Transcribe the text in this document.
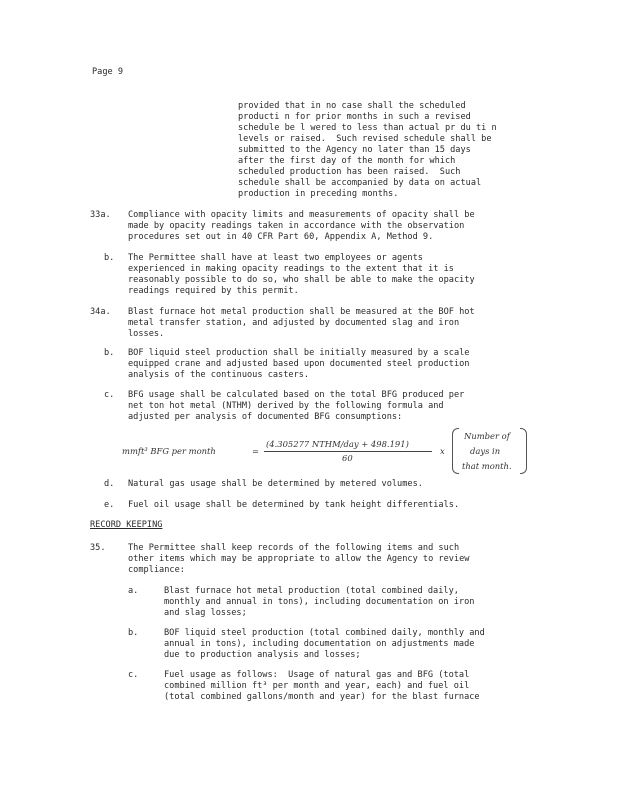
Page 9
provided that in no case shall the scheduled
producti n for prior months in such a revised
schedule be l wered to less than actual pr du ti n
levels or raised.  Such revised schedule shall be
submitted to the Agency no later than 15 days
after the first day of the month for which
scheduled production has been raised.  Such
schedule shall be accompanied by data on actual
production in preceding months.
33a. Compliance with opacity limits and measurements of opacity shall be
made by opacity readings taken in accordance with the observation
procedures set out in 40 CFR Part 60, Appendix A, Method 9.
b. The Permittee shall have at least two employees or agents
experienced in making opacity readings to the extent that it is
reasonably possible to do so, who shall be able to make the opacity
readings required by this permit.
34a. Blast furnace hot metal production shall be measured at the BOF hot
metal transfer station, and adjusted by documented slag and iron
losses.
b. BOF liquid steel production shall be initially measured by a scale
equipped crane and adjusted based upon documented steel production
analysis of the continuous casters.
c. BFG usage shall be calculated based on the total BFG produced per
net ton hot metal (NTHM) derived by the following formula and
adjusted per analysis of documented BFG consumptions:
mmft³ BFG per month	=
(4.305277 NTHM/day + 498.191)
60
x
Number of
days in
that month.
d. Natural gas usage shall be determined by metered volumes.
e. Fuel oil usage shall be determined by tank height differentials.
RECORD KEEPING
35.	The Permittee shall keep records of the following items and such
other items which may be appropriate to allow the Agency to review
compliance:
a.	Blast furnace hot metal production (total combined daily,
monthly and annual in tons), including documentation on iron
and slag losses;
b.	BOF liquid steel production (total combined daily, monthly and
annual in tons), including documentation on adjustments made
due to production analysis and losses;
c.	Fuel usage as follows:  Usage of natural gas and BFG (total
combined million ft³ per month and year, each) and fuel oil
(total combined gallons/month and year) for the blast furnace
